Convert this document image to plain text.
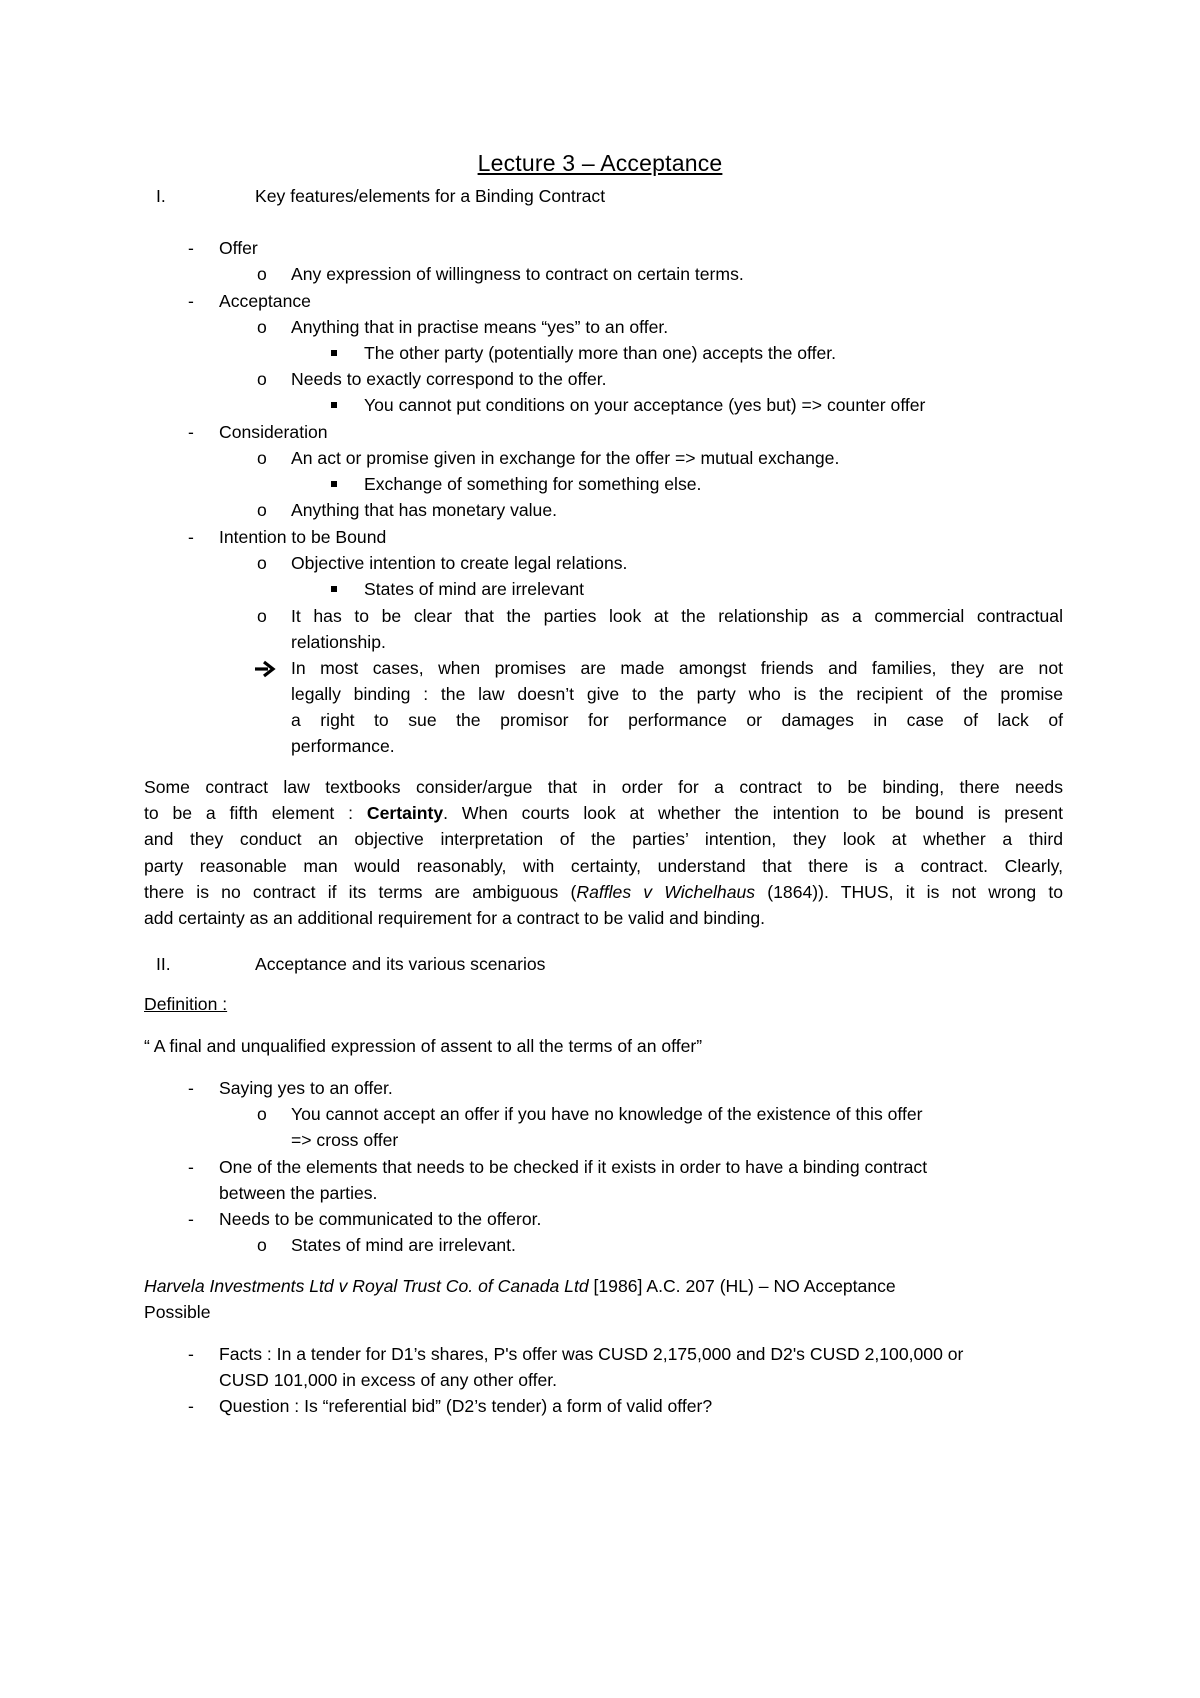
Lecture 3 – Acceptance
I.	Key features/elements for a Binding Contract
- Offer
o Any expression of willingness to contract on certain terms.
- Acceptance
o Anything that in practise means “yes” to an offer.
The other party (potentially more than one) accepts the offer.
o Needs to exactly correspond to the offer.
You cannot put conditions on your acceptance (yes but) => counter offer
- Consideration
o An act or promise given in exchange for the offer => mutual exchange.
Exchange of something for something else.
o Anything that has monetary value.
- Intention to be Bound
o Objective intention to create legal relations.
States of mind are irrelevant
o It has to be clear that the parties look at the relationship as a commercial contractual
relationship.
In most cases, when promises are made amongst friends and families, they are not
legally binding : the law doesn’t give to the party who is the recipient of the promise
a right to sue the promisor for performance or damages in case of lack of
performance.
Some contract law textbooks consider/argue that in order for a contract to be binding, there needs
to be a fifth element : Certainty. When courts look at whether the intention to be bound is present
and they conduct an objective interpretation of the parties’ intention, they look at whether a third
party reasonable man would reasonably, with certainty, understand that there is a contract. Clearly,
there is no contract if its terms are ambiguous (Raffles v Wichelhaus (1864)). THUS, it is not wrong to
add certainty as an additional requirement for a contract to be valid and binding.
II.	Acceptance and its various scenarios
Definition :
“ A final and unqualified expression of assent to all the terms of an offer”
- Saying yes to an offer.
o You cannot accept an offer if you have no knowledge of the existence of this offer
=> cross offer
- One of the elements that needs to be checked if it exists in order to have a binding contract
between the parties.
- Needs to be communicated to the offeror.
o States of mind are irrelevant.
Harvela Investments Ltd v Royal Trust Co. of Canada Ltd [1986] A.C. 207 (HL) – NO Acceptance
Possible
- Facts : In a tender for D1’s shares, P's offer was CUSD 2,175,000 and D2's CUSD 2,100,000 or
CUSD 101,000 in excess of any other offer.
- Question : Is “referential bid” (D2’s tender) a form of valid offer?
